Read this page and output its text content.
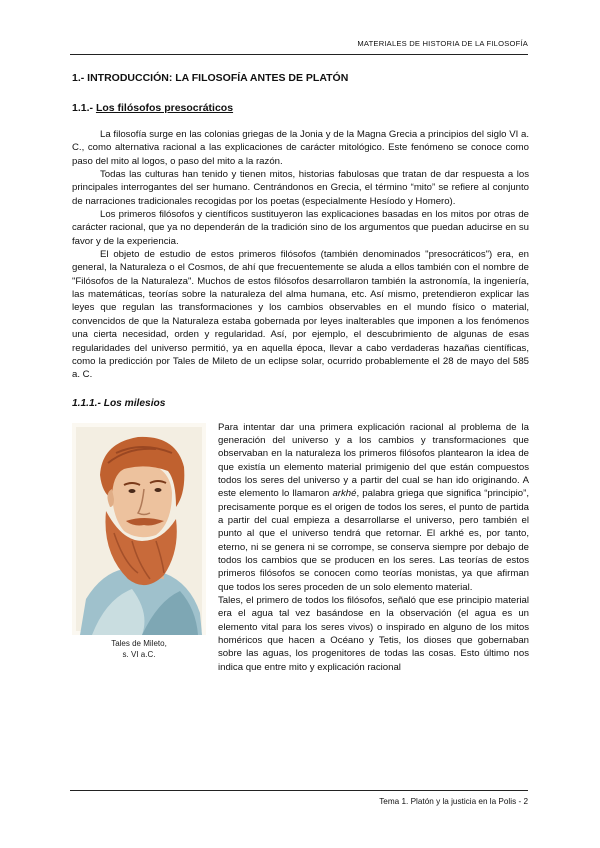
MATERIALES DE HISTORIA DE LA FILOSOFÍA
1.- INTRODUCCIÓN: LA FILOSOFÍA ANTES DE PLATÓN
1.1.- Los filósofos presocráticos

La filosofía surge en las colonias griegas de la Jonia y de la Magna Grecia a principios del siglo VI a. C., como alternativa racional a las explicaciones de carácter mitológico. Este fenómeno se conoce como paso del mito al logos, o paso del mito a la razón.

Todas las culturas han tenido y tienen mitos, historias fabulosas que tratan de dar respuesta a los principales interrogantes del ser humano. Centrándonos en Grecia, el término “mito” se refiere al conjunto de narraciones tradicionales recogidas por los poetas (especialmente Hesíodo y Homero).

Los primeros filósofos y científicos sustituyeron las explicaciones basadas en los mitos por otras de carácter racional, que ya no dependerán de la tradición sino de los argumentos que puedan aducirse en su favor y de la experiencia.

El objeto de estudio de estos primeros filósofos (también denominados "presocráticos") era, en general, la Naturaleza o el Cosmos, de ahí que frecuentemente se aluda a ellos también con el nombre de "Filósofos de la Naturaleza". Muchos de estos filósofos desarrollaron también la astronomía, la ingeniería, las matemáticas, teorías sobre la naturaleza del alma humana, etc. Así mismo, pretendieron explicar las leyes que regulan las transformaciones y los cambios observables en el mundo físico o material, convencidos de que la Naturaleza estaba gobernada por leyes inalterables que imponen a los fenómenos una cierta necesidad, orden y regularidad. Así, por ejemplo, el descubrimiento de algunas de esas regularidades del universo permitió, ya en aquella época, llevar a cabo verdaderas hazañas científicas, como la predicción por Tales de Mileto de un eclipse solar, ocurrido probablemente el 28 de mayo del 585 a. C.

1.1.1.- Los milesios
Tales de Mileto,
s. VI a.C.

Para intentar dar una primera explicación racional al problema de la generación del universo y a los cambios y transformaciones que observaban en la naturaleza los primeros filósofos plantearon la idea de que existía un elemento material primigenio del que están compuestos todos los seres del universo y a partir del cual se han ido originando. A este elemento lo llamaron arkhé, palabra griega que significa “principio”, precisamente porque es el origen de todos los seres, el punto de partida a partir del cual empieza a desarrollarse el universo, pero también el punto al que el universo tendrá que retornar. El arkhé es, por tanto, eterno, ni se genera ni se corrompe, se conserva siempre por debajo de todos los cambios que se producen en los seres. Las teorías de estos primeros filósofos se conocen como teorías monistas, ya que afirman que todos los seres proceden de un solo elemento material.

Tales, el primero de todos los filósofos, señaló que ese principio material era el agua tal vez basándose en la observación (el agua es un elemento vital para los seres vivos) o inspirado en alguno de los mitos homéricos que hacen a Océano y Tetis, los dioses que gobernaban sobre las aguas, los progenitores de todas las cosas. Esto último nos indica que entre mito y explicación racional

Tema 1. Platón y la justicia en la Polis - 2
